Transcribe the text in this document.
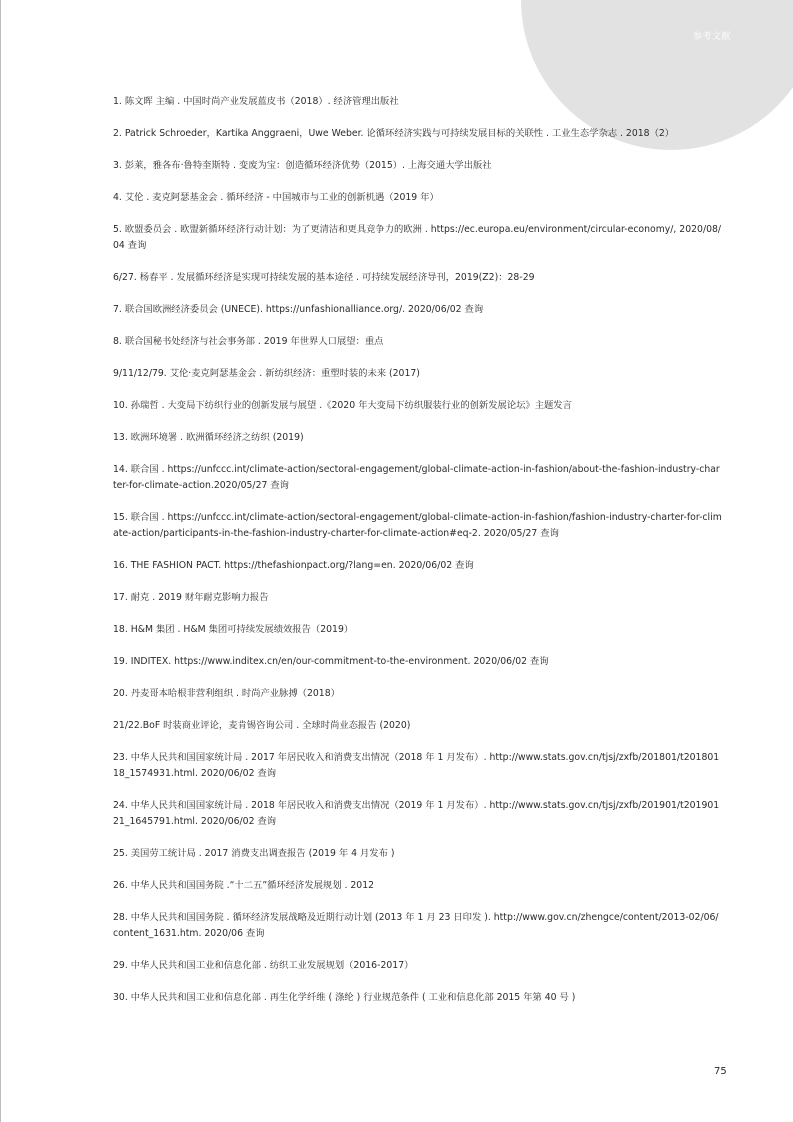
参考文献
1. 陈文晖 主编 . 中国时尚产业发展蓝皮书（2018）. 经济管理出版社
2. Patrick Schroeder，Kartika Anggraeni，Uwe Weber. 论循环经济实践与可持续发展目标的关联性 . 工业生态学杂志 . 2018（2）
3. 彭莱，雅各布·鲁特奎斯特 . 变废为宝：创造循环经济优势（2015）. 上海交通大学出版社
4. 艾伦 . 麦克阿瑟基金会 . 循环经济 - 中国城市与工业的创新机遇（2019 年）
5. 欧盟委员会 . 欧盟新循环经济行动计划：为了更清洁和更具竞争力的欧洲 . https://ec.europa.eu/environment/circular-economy/, 2020/08/04 查询
6/27. 杨春平 . 发展循环经济是实现可持续发展的基本途径 . 可持续发展经济导刊，2019(Z2)：28-29
7. 联合国欧洲经济委员会 (UNECE). https://unfashionalliance.org/. 2020/06/02 查询
8. 联合国秘书处经济与社会事务部 . 2019 年世界人口展望：重点
9/11/12/79. 艾伦·麦克阿瑟基金会 . 新纺织经济：重塑时装的未来 (2017)
10. 孙瑞哲 . 大变局下纺织行业的创新发展与展望 .《2020 年大变局下纺织服装行业的创新发展论坛》主题发言
13. 欧洲环境署 . 欧洲循环经济之纺织 (2019)
14. 联合国 . https://unfccc.int/climate-action/sectoral-engagement/global-climate-action-in-fashion/about-the-fashion-industry-charter-for-climate-action.2020/05/27 查询
15. 联合国 . https://unfccc.int/climate-action/sectoral-engagement/global-climate-action-in-fashion/fashion-industry-charter-for-climate-action/participants-in-the-fashion-industry-charter-for-climate-action#eq-2. 2020/05/27 查询
16. THE FASHION PACT. https://thefashionpact.org/?lang=en. 2020/06/02 查询
17. 耐克 . 2019 财年耐克影响力报告
18. H&M 集团 . H&M 集团可持续发展绩效报告（2019）
19. INDITEX. https://www.inditex.cn/en/our-commitment-to-the-environment. 2020/06/02 查询
20. 丹麦哥本哈根非营利组织 . 时尚产业脉搏（2018）
21/22.BoF 时装商业评论，麦肯锡咨询公司 . 全球时尚业态报告 (2020)
23. 中华人民共和国国家统计局 . 2017 年居民收入和消费支出情况（2018 年 1 月发布）. http://www.stats.gov.cn/tjsj/zxfb/201801/t20180118_1574931.html. 2020/06/02 查询
24. 中华人民共和国国家统计局 . 2018 年居民收入和消费支出情况（2019 年 1 月发布）. http://www.stats.gov.cn/tjsj/zxfb/201901/t20190121_1645791.html. 2020/06/02 查询
25. 美国劳工统计局 . 2017 消费支出调查报告 (2019 年 4 月发布 )
26. 中华人民共和国国务院 .“十二五”循环经济发展规划 . 2012
28. 中华人民共和国国务院 . 循环经济发展战略及近期行动计划 (2013 年 1 月 23 日印发 ). http://www.gov.cn/zhengce/content/2013-02/06/content_1631.htm. 2020/06 查询
29. 中华人民共和国工业和信息化部 . 纺织工业发展规划（2016-2017）
30. 中华人民共和国工业和信息化部 . 再生化学纤维 ( 涤纶 ) 行业规范条件 ( 工业和信息化部 2015 年第 40 号 )
75
